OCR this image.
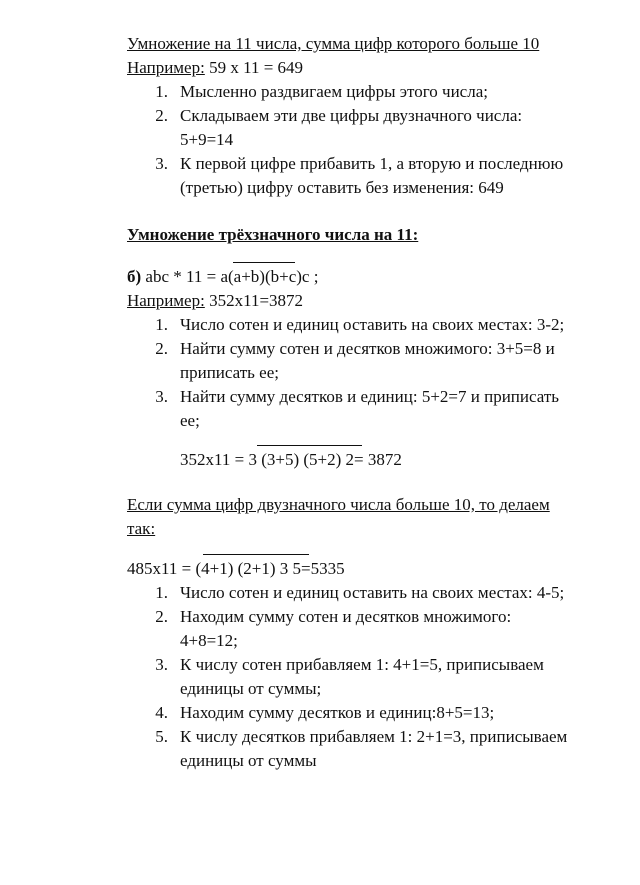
Умножение на 11 числа, сумма цифр которого больше 10
Например: 59 х 11 = 649
1. Мысленно раздвигаем цифры этого числа;
2. Складываем эти две цифры двузначного числа:
5+9=14
3. К первой цифре прибавить 1, а вторую и последнюю
(третью) цифру оставить без изменения: 649
Умножение трёхзначного числа на 11:
б) abc * 11 = a(a+b)(b+c)c ;
Например: 352х11=3872
1. Число сотен и единиц оставить на своих местах: 3-2;
2. Найти сумму сотен и десятков множимого: 3+5=8 и
приписать ее;
3. Найти сумму десятков и единиц: 5+2=7 и приписать
ее;
352х11 = 3 (3+5) (5+2) 2= 3872
Если сумма цифр двузначного числа больше 10, то делаем
так:
485х11 = (4+1) (2+1) 3 5=5335
1. Число сотен и единиц оставить на своих местах: 4-5;
2. Находим сумму сотен и десятков множимого:
4+8=12;
3. К числу сотен прибавляем 1: 4+1=5, приписываем
единицы от суммы;
4. Находим сумму десятков и единиц:8+5=13;
5. К числу десятков прибавляем 1: 2+1=3, приписываем
единицы от суммы
